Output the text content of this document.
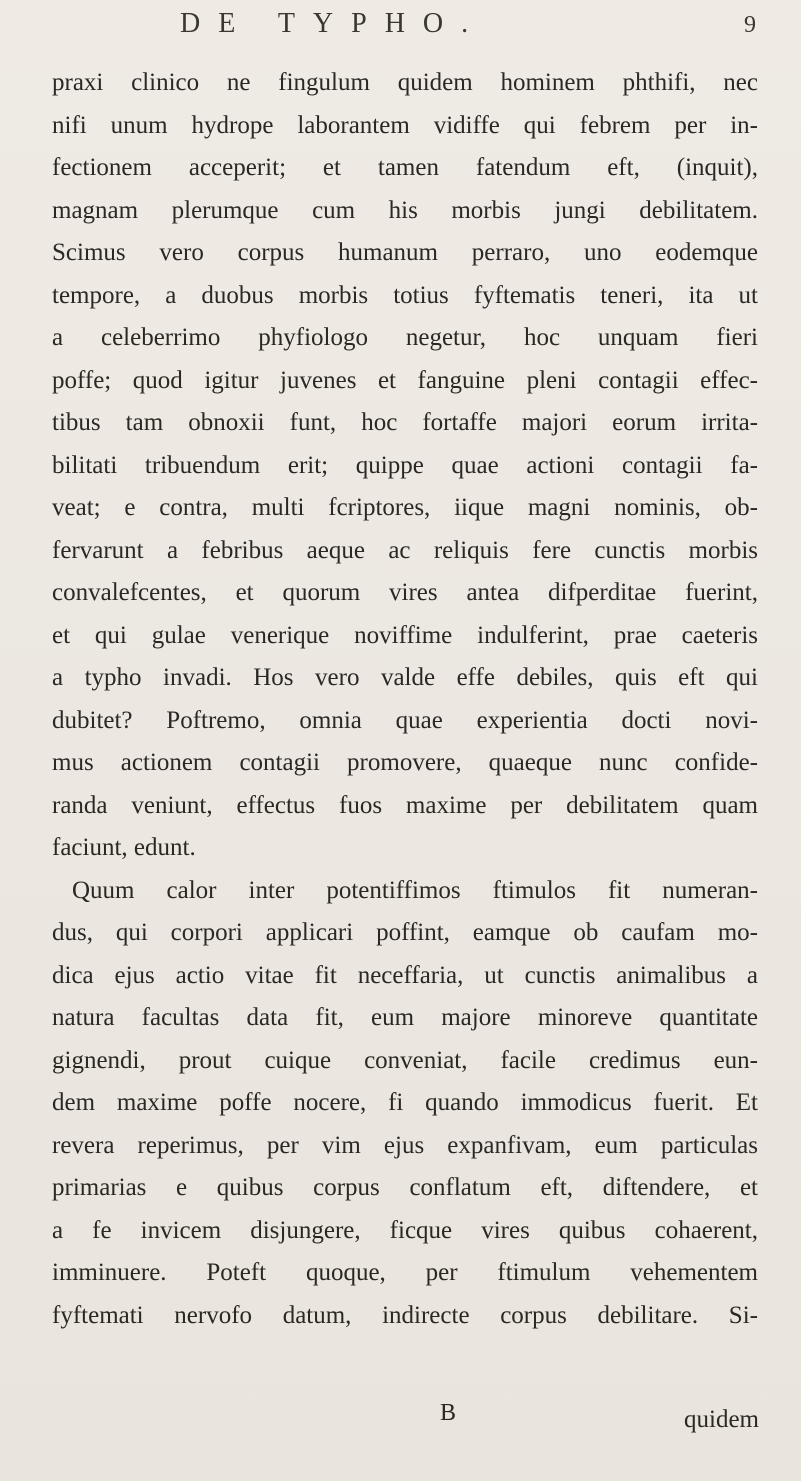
DE TYPHO.	9
praxi clinico ne fingulum quidem hominem phthifi, nec
nifi unum hydrope laborantem vidiffe qui febrem per in-
fectionem acceperit; et tamen fatendum eft, (inquit),
magnam plerumque cum his morbis jungi debilitatem.
Scimus vero corpus humanum perraro, uno eodemque
tempore, a duobus morbis totius fyftematis teneri, ita ut
a celeberrimo phyfiologo negetur, hoc unquam fieri
poffe; quod igitur juvenes et fanguine pleni contagii effec-
tibus tam obnoxii funt, hoc fortaffe majori eorum irrita-
bilitati tribuendum erit; quippe quae actioni contagii fa-
veat; e contra, multi fcriptores, iique magni nominis, ob-
fervarunt a febribus aeque ac reliquis fere cunctis morbis
convalefcentes, et quorum vires antea difperditae fuerint,
et qui gulae venerique noviffime indulferint, prae caeteris
a typho invadi. Hos vero valde effe debiles, quis eft qui
dubitet? Poftremo, omnia quae experientia docti novi-
mus actionem contagii promovere, quaeque nunc confide-
randa veniunt, effectus fuos maxime per debilitatem quam
faciunt, edunt.
Quum calor inter potentiffimos ftimulos fit numeran-
dus, qui corpori applicari poffint, eamque ob caufam mo-
dica ejus actio vitae fit neceffaria, ut cunctis animalibus a
natura facultas data fit, eum majore minoreve quantitate
gignendi, prout cuique conveniat, facile credimus eun-
dem maxime poffe nocere, fi quando immodicus fuerit. Et
revera reperimus, per vim ejus expanfivam, eum particulas
primarias e quibus corpus conflatum eft, diftendere, et
a fe invicem disjungere, ficque vires quibus cohaerent,
imminuere. Poteft quoque, per ftimulum vehementem
fyftemati nervofo datum, indirecte corpus debilitare. Si-
B	quidem
